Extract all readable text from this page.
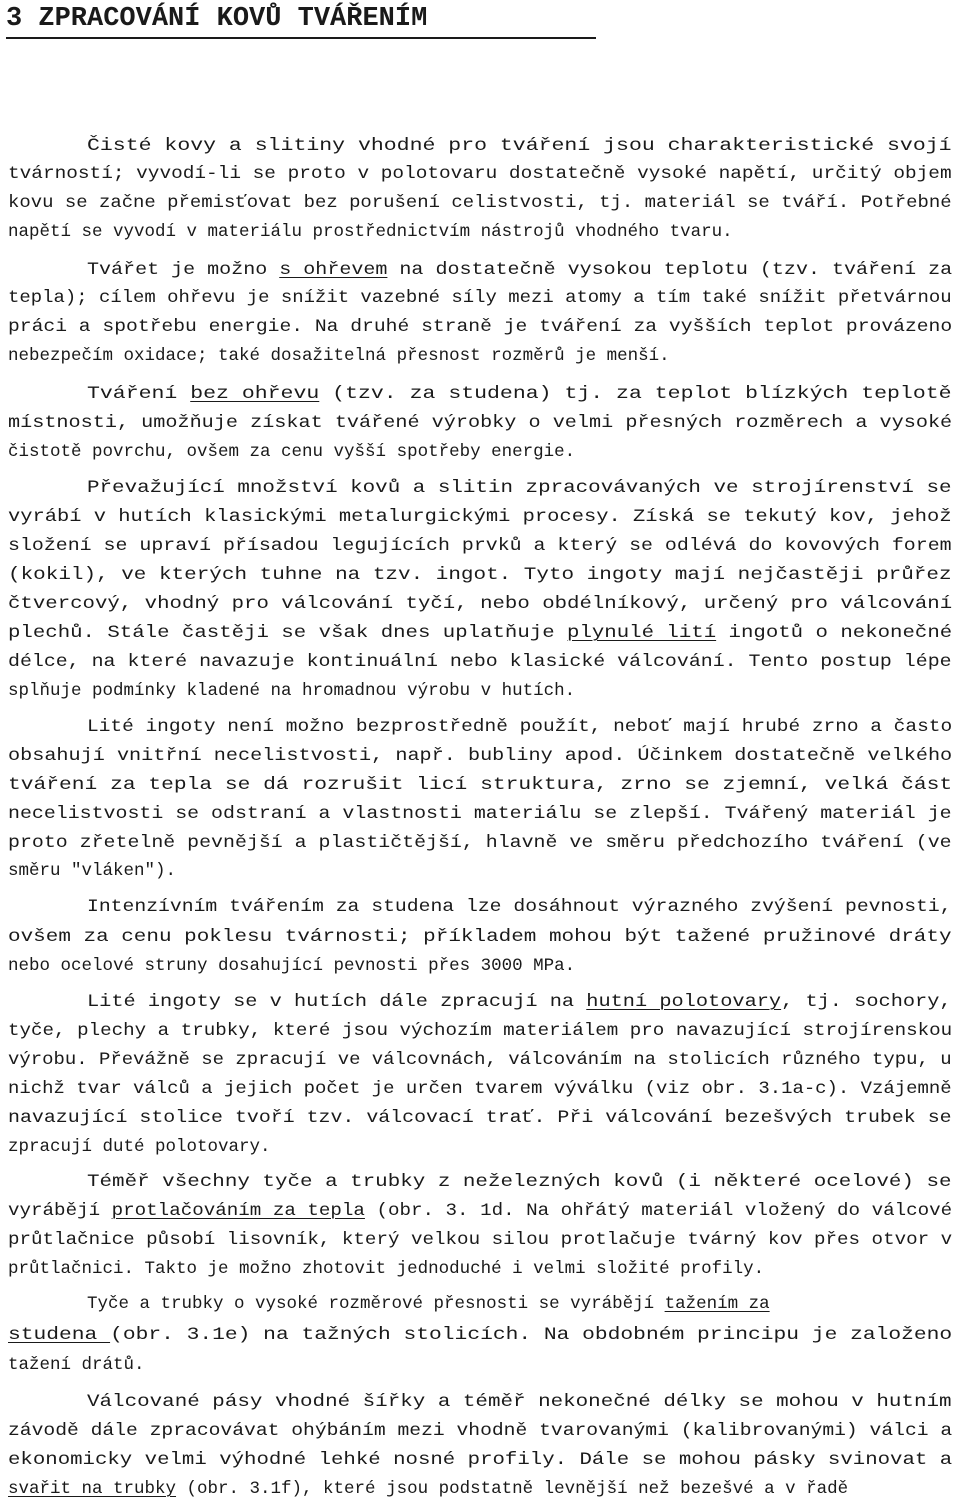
3 ZPRACOVÁNÍ KOVŮ TVÁŘENÍM
Čisté kovy a slitiny vhodné pro tváření jsou charakteristické svojí
tvárností; vyvodí-li se proto v polotovaru dostatečně vysoké napětí, určitý objem
kovu se začne přemisťovat bez porušení celistvosti, tj. materiál se tváří. Potřebné
napětí se vyvodí v materiálu prostřednictvím nástrojů vhodného tvaru.
Tvářet je možno s ohřevem na dostatečně vysokou teplotu (tzv. tváření za
tepla); cílem ohřevu je snížit vazebné síly mezi atomy a tím také snížit přetvárnou
práci a spotřebu energie. Na druhé straně je tváření za vyšších teplot provázeno
nebezpečím oxidace; také dosažitelná přesnost rozměrů je menší.
Tváření bez ohřevu (tzv. za studena) tj. za teplot blízkých teplotě
místnosti, umožňuje získat tvářené výrobky o velmi přesných rozměrech a vysoké
čistotě povrchu, ovšem za cenu vyšší spotřeby energie.
Převažující množství kovů a slitin zpracovávaných ve strojírenství se
vyrábí v hutích klasickými metalurgickými procesy. Získá se tekutý kov, jehož
složení se upraví přísadou legujících prvků a který se odlévá do kovových forem
(kokil), ve kterých tuhne na tzv. ingot. Tyto ingoty mají nejčastěji průřez
čtvercový, vhodný pro válcování tyčí, nebo obdélníkový, určený pro válcování
plechů. Stále častěji se však dnes uplatňuje plynulé lití ingotů o nekonečné
délce, na které navazuje kontinuální nebo klasické válcování. Tento postup lépe
splňuje podmínky kladené na hromadnou výrobu v hutích.
Lité ingoty není možno bezprostředně použít, neboť mají hrubé zrno a často
obsahují vnitřní necelistvosti, např. bubliny apod. Účinkem dostatečně velkého
tváření za tepla se dá rozrušit licí struktura, zrno se zjemní, velká část
necelistvosti se odstraní a vlastnosti materiálu se zlepší. Tvářený materiál je
proto zřetelně pevnější a plastičtější, hlavně ve směru předchozího tváření (ve
směru "vláken").
Intenzívním tvářením za studena lze dosáhnout výrazného zvýšení pevnosti,
ovšem za cenu poklesu tvárnosti; příkladem mohou být tažené pružinové dráty
nebo ocelové struny dosahující pevnosti přes 3000 MPa.
Lité ingoty se v hutích dále zpracují na hutní polotovary, tj. sochory,
tyče, plechy a trubky, které jsou výchozím materiálem pro navazující strojírenskou
výrobu. Převážně se zpracují ve válcovnách, válcováním na stolicích různého typu, u
nichž tvar válců a jejich počet je určen tvarem výválku (viz obr. 3.1a-c). Vzájemně
navazující stolice tvoří tzv. válcovací trať. Při válcování bezešvých trubek se
zpracují duté polotovary.
Téměř všechny tyče a trubky z neželezných kovů (i některé ocelové) se
vyrábějí protlačováním za tepla (obr. 3. 1d. Na ohřátý materiál vložený do válcové
průtlačnice působí lisovník, který velkou silou protlačuje tvárný kov přes otvor v
průtlačnici. Takto je možno zhotovit jednoduché i velmi složité profily.
Tyče a trubky o vysoké rozměrové přesnosti se vyrábějí tažením za
studena (obr. 3.1e) na tažných stolicích. Na obdobném principu je založeno
tažení drátů.
Válcované pásy vhodné šířky a téměř nekonečné délky se mohou v hutním
závodě dále zpracovávat ohýbáním mezi vhodně tvarovanými (kalibrovanými) válci a
ekonomicky velmi výhodné lehké nosné profily. Dále se mohou pásky svinovat a
svařit na trubky (obr. 3.1f), které jsou podstatně levnější než bezešvé a v řadě
